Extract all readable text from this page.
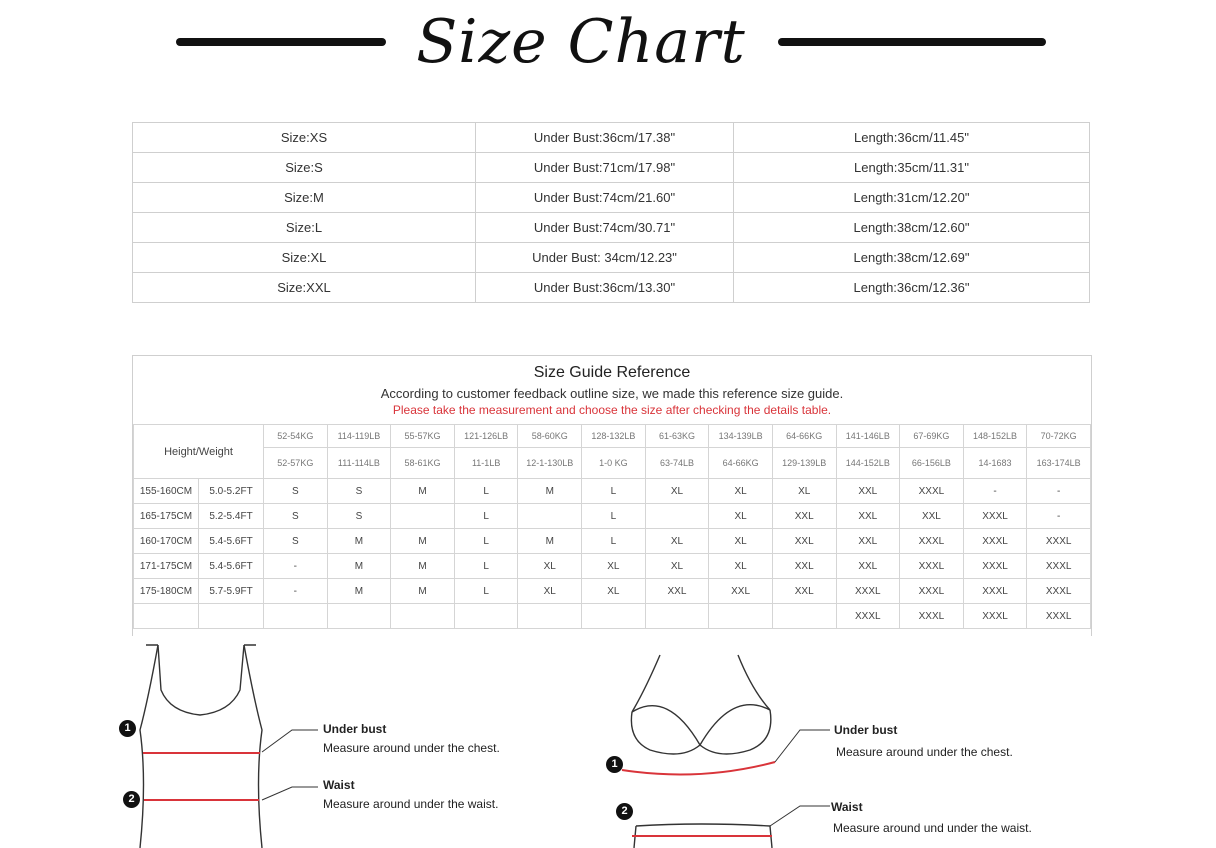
Size Chart
Size:XS	Under Bust:36cm/17.38"	Length:36cm/11.45"
Size:S	Under Bust:71cm/17.98"	Length:35cm/11.31"
Size:M	Under Bust:74cm/21.60"	Length:31cm/12.20"
Size:L	Under Bust:74cm/30.71"	Length:38cm/12.60"
Size:XL	Under Bust: 34cm/12.23"	Length:38cm/12.69"
Size:XXL	Under Bust:36cm/13.30"	Length:36cm/12.36"
Size Guide Reference
According to customer feedback outline size, we made this reference size guide.
Please take the measurement and choose the size after checking the details table.
Height/Weight		52-54KG	114-119LB	55-57KG	121-126LB	58-60KG	128-132LB	61-63KG	134-139LB	64-66KG	141-146LB	67-69KG	148-152LB	70-72KG
		52-57KG	111-114LB	58-61KG	11-1LB	12-1-130LB	1-0 KG	63-74LB	64-66KG	129-139LB	144-152LB	66-156LB	14-1683	163-174LB
155-160CM	5.0-5.2FT	S	S	M	L	M	L	XL	XL	XL	XXL	XXXL	-	-
165-175CM	5.2-5.4FT	S	S		L		L		XL	XXL	XXL	XXL	XXXL	-
160-170CM	5.4-5.6FT	S	M	M	L	M	L	XL	XL	XXL	XXL	XXXL	XXXL	XXXL
171-175CM	5.4-5.6FT	-	M	M	L	XL	XL	XL	XL	XXL	XXL	XXXL	XXXL	XXXL
175-180CM	5.7-5.9FT	-	M	M	L	XL	XL	XXL	XXL	XXL	XXXL	XXXL	XXXL	XXXL
											XXXL	XXXL	XXXL	XXXL
1
2
Under bust
Measure around under the chest.
Waist
Measure around under the waist.
1
2
Under bust
Measure around under the chest.
Waist
Measure around und under the waist.
